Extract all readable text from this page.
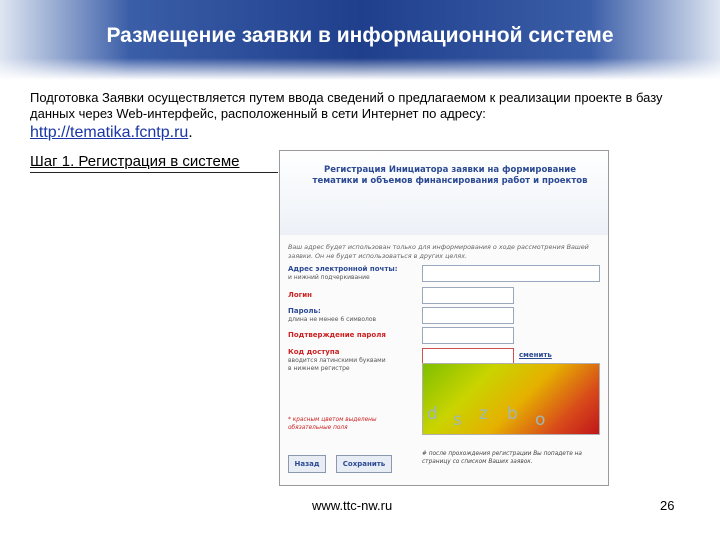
Размещение заявки в информационной системе
Подготовка Заявки осуществляется путем ввода сведений о предлагаемом к реализации проекте в базу данных через Web-интерфейс, расположенный в сети Интернет по адресу:
http://tematika.fcntp.ru.
Шаг 1. Регистрация в системе	Регистрация Инициатора заявки на формирование тематики и объемов финансирования работ и проектов
Ваш адрес будет использован только для информирования о ходе рассмотрения Вашей заявки. Он не будет использоваться в других целях.
Адрес электронной почты:
и нижний подчеркивание
Логин
Пароль:
длина не менее 6 символов
Подтверждение пароля
Код доступа
вводится латинскими буквами
в нижнем регистре
сменить
d s z b o
* красным цветом выделены обязательные поля
# после прохождения регистрации Вы попадете на страницу со списком Ваших заявок.
Назад	Сохранить
www.ttc-nw.ru	26
